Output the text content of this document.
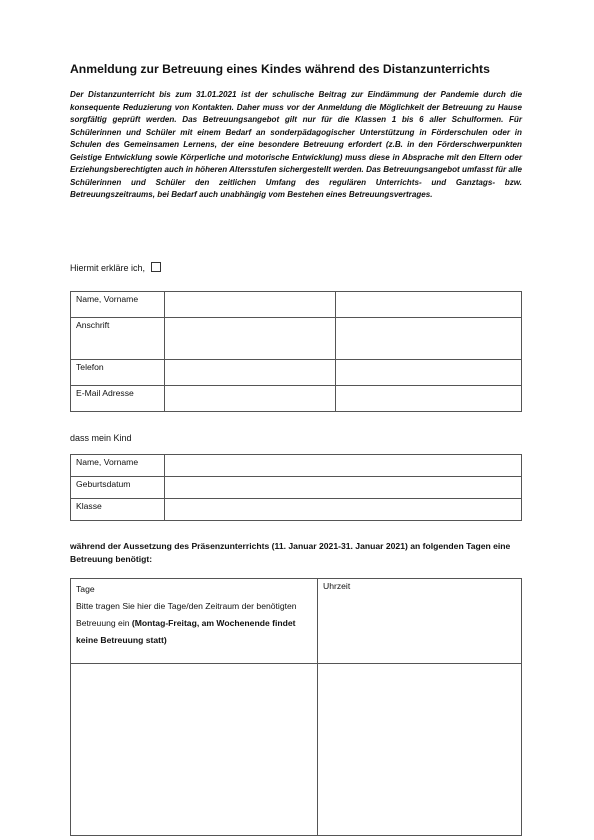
Anmeldung zur Betreuung eines Kindes während des Distanzunterrichts
Der Distanzunterricht bis zum 31.01.2021 ist der schulische Beitrag zur Eindämmung der Pandemie durch die konsequente Reduzierung von Kontakten. Daher muss vor der Anmeldung die Möglichkeit der Betreuung zu Hause sorgfältig geprüft werden. Das Betreuungsangebot gilt nur für die Klassen 1 bis 6 aller Schulformen. Für Schülerinnen und Schüler mit einem Bedarf an sonderpädagogischer Unterstützung in Förderschulen oder in Schulen des Gemeinsamen Lernens, der eine besondere Betreuung erfordert (z.B. in den Förderschwerpunkten Geistige Entwicklung sowie Körperliche und motorische Entwicklung) muss diese in Absprache mit den Eltern oder Erziehungsberechtigten auch in höheren Altersstufen sichergestellt werden. Das Betreuungsangebot umfasst für alle Schülerinnen und Schüler den zeitlichen Umfang des regulären Unterrichts- und Ganztags- bzw. Betreuungszeitraums, bei Bedarf auch unabhängig vom Bestehen eines Betreuungsvertrages.
Hiermit erkläre ich,
Name, Vorname		
Anschrift		
Telefon		
E-Mail Adresse		
dass mein Kind
Name, Vorname	
Geburtsdatum	
Klasse	
während der Aussetzung des Präsenzunterrichts (11. Januar 2021-31. Januar 2021) an folgenden Tagen eine Betreuung benötigt:
Tage
Bitte tragen Sie hier die Tage/den Zeitraum der benötigten Betreuung ein (Montag-Freitag, am Wochenende findet keine Betreuung statt)	Uhrzeit
